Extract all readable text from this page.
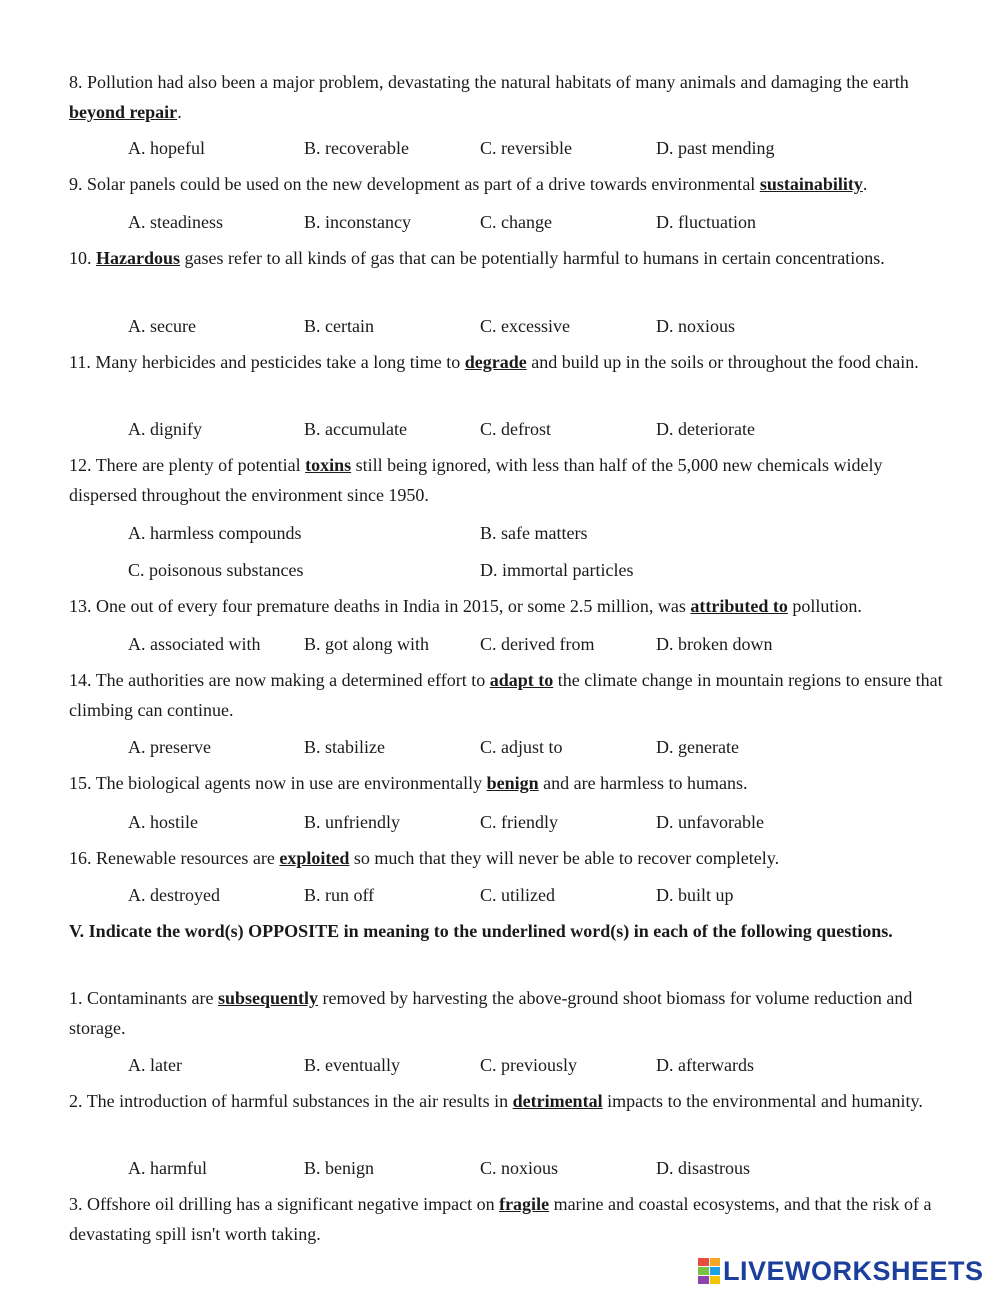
8. Pollution had also been a major problem, devastating the natural habitats of many animals and damaging the earth beyond repair.
A. hopeful	B. recoverable	C. reversible	D. past mending
9. Solar panels could be used on the new development as part of a drive towards environmental sustainability.
A. steadiness	B. inconstancy	C. change	D. fluctuation
10. Hazardous gases refer to all kinds of gas that can be potentially harmful to humans in certain concentrations.
A. secure	B. certain	C. excessive	D. noxious
11. Many herbicides and pesticides take a long time to degrade and build up in the soils or throughout the food chain.
A. dignify	B. accumulate	C. defrost	D. deteriorate
12. There are plenty of potential toxins still being ignored, with less than half of the 5,000 new chemicals widely dispersed throughout the environment since 1950.
A. harmless compounds	B. safe matters
C. poisonous substances	D. immortal particles
13. One out of every four premature deaths in India in 2015, or some 2.5 million, was attributed to pollution.
A. associated with B. got along with	C. derived from	D. broken down
14. The authorities are now making a determined effort to adapt to the climate change in mountain regions to ensure that climbing can continue.
A. preserve	B. stabilize	C. adjust to	D. generate
15. The biological agents now in use are environmentally benign and are harmless to humans.
A. hostile	B. unfriendly	C. friendly	D. unfavorable
16. Renewable resources are exploited so much that they will never be able to recover completely.
A. destroyed	B. run off	C. utilized	D. built up
V. Indicate the word(s) OPPOSITE in meaning to the underlined word(s) in each of the following questions.
1. Contaminants are subsequently removed by harvesting the above-ground shoot biomass for volume reduction and storage.
A. later	B. eventually	C. previously	D. afterwards
2. The introduction of harmful substances in the air results in detrimental impacts to the environmental and humanity.
A. harmful	B. benign	C. noxious	D. disastrous
3. Offshore oil drilling has a significant negative impact on fragile marine and coastal ecosystems, and that the risk of a devastating spill isn't worth taking.
LIVEWORKSHEETS
